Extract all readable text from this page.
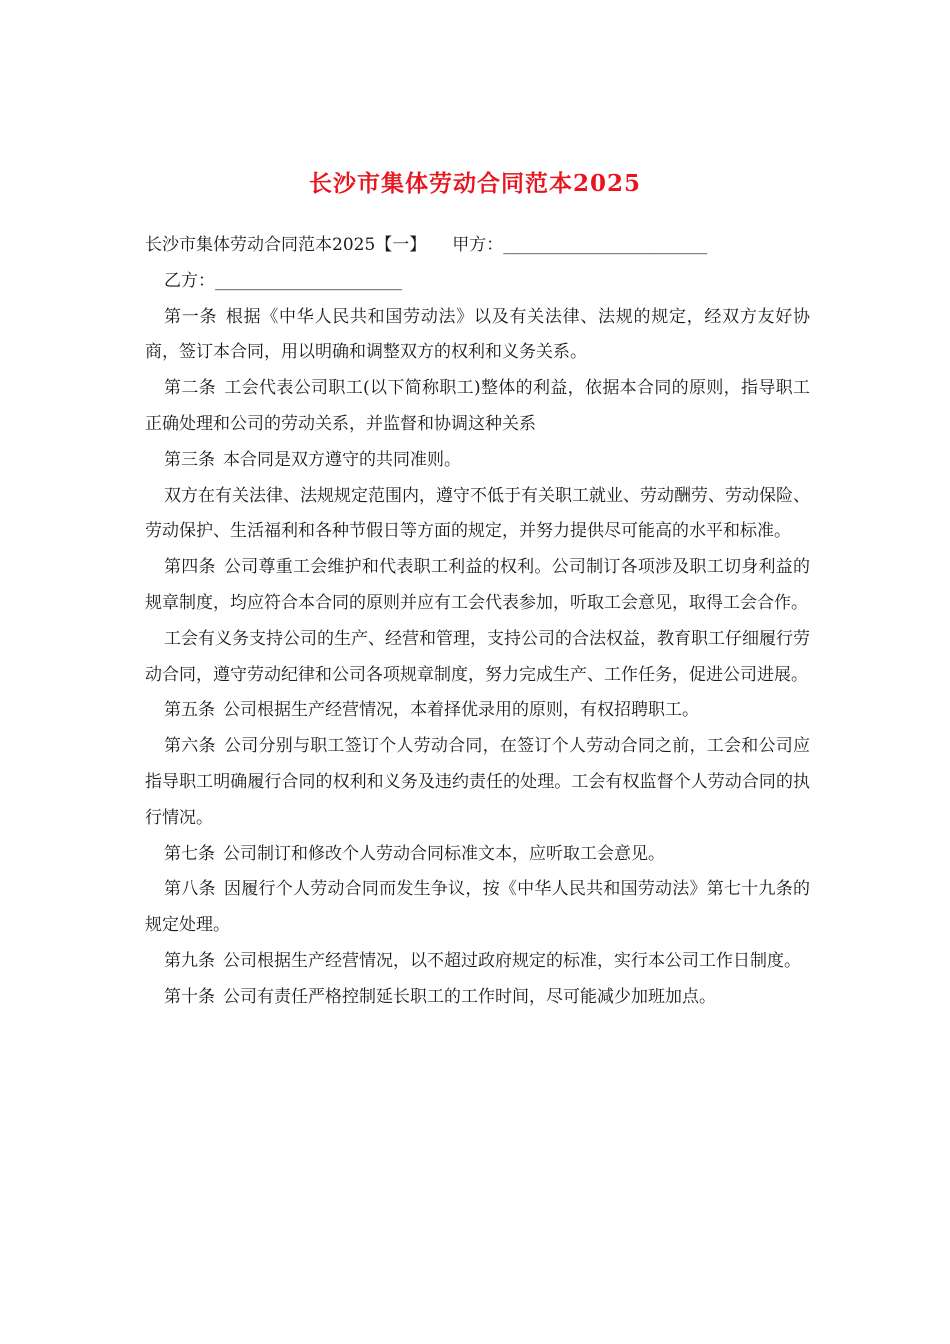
长沙市集体劳动合同范本2025

长沙市集体劳动合同范本2025【一】 甲方：________________________

乙方：______________________

第一条 根据《中华人民共和国劳动法》以及有关法律、法规的规定，经双方友好协商，签订本合同，用以明确和调整双方的权利和义务关系。

第二条 工会代表公司职工(以下简称职工)整体的利益，依据本合同的原则，指导职工正确处理和公司的劳动关系，并监督和协调这种关系

第三条 本合同是双方遵守的共同准则。

双方在有关法律、法规规定范围内，遵守不低于有关职工就业、劳动酬劳、劳动保险、劳动保护、生活福利和各种节假日等方面的规定，并努力提供尽可能高的水平和标准。

第四条 公司尊重工会维护和代表职工利益的权利。公司制订各项涉及职工切身利益的规章制度，均应符合本合同的原则并应有工会代表参加，听取工会意见，取得工会合作。

工会有义务支持公司的生产、经营和管理，支持公司的合法权益，教育职工仔细履行劳动合同，遵守劳动纪律和公司各项规章制度，努力完成生产、工作任务，促进公司进展。

第五条 公司根据生产经营情况，本着择优录用的原则，有权招聘职工。

第六条 公司分别与职工签订个人劳动合同，在签订个人劳动合同之前，工会和公司应指导职工明确履行合同的权利和义务及违约责任的处理。工会有权监督个人劳动合同的执行情况。

第七条 公司制订和修改个人劳动合同标准文本，应听取工会意见。

第八条 因履行个人劳动合同而发生争议，按《中华人民共和国劳动法》第七十九条的规定处理。

第九条 公司根据生产经营情况，以不超过政府规定的标准，实行本公司工作日制度。

第十条 公司有责任严格控制延长职工的工作时间，尽可能减少加班加点。
